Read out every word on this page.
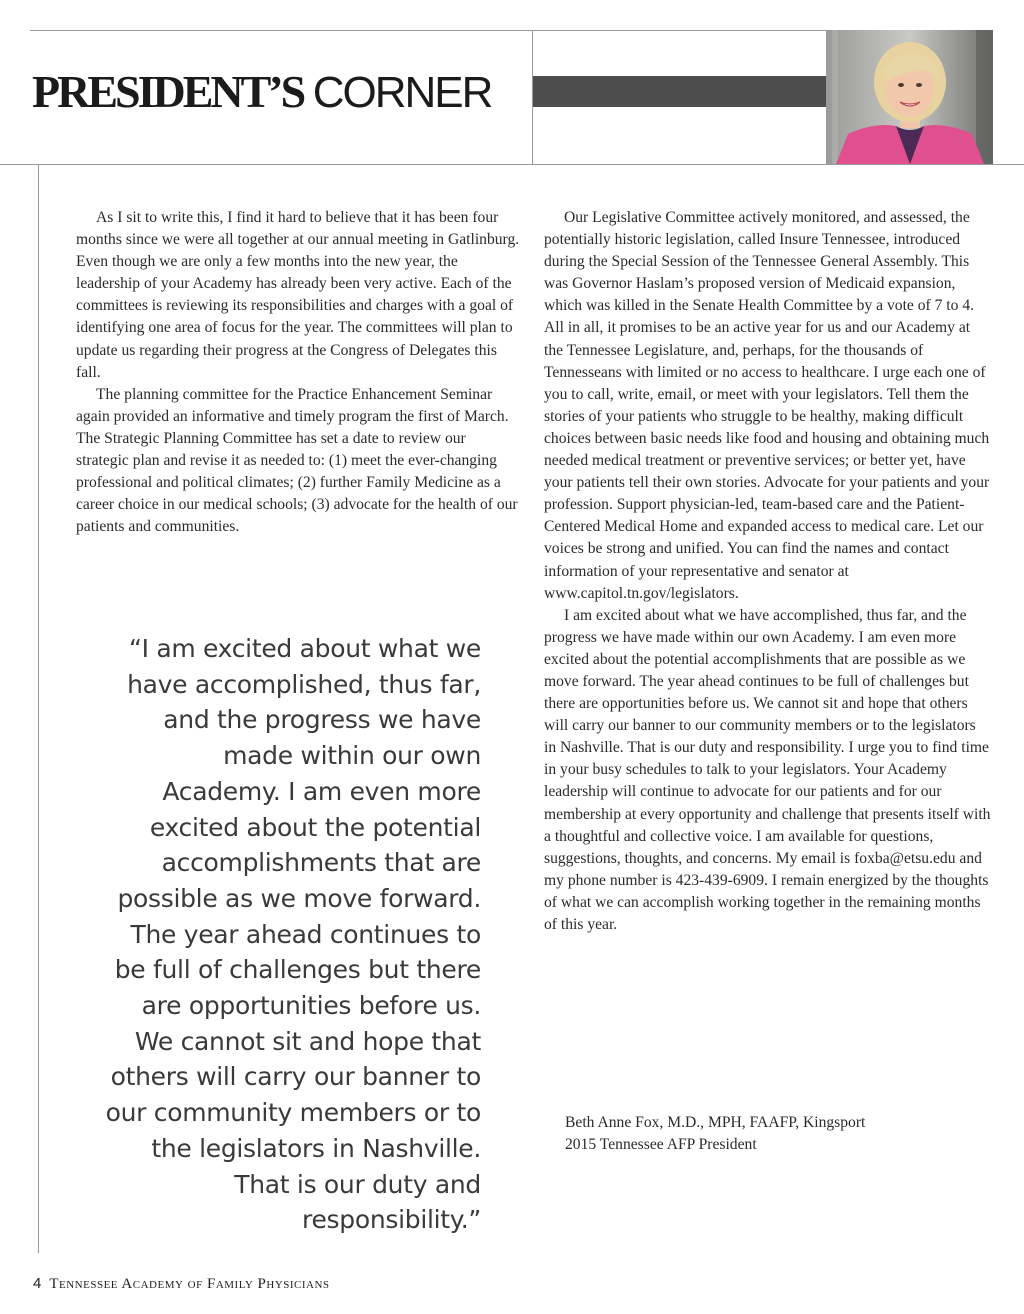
PRESIDENT’S CORNER

As I sit to write this, I find it hard to believe that it has been four months since we were all together at our annual meeting in Gatlinburg. Even though we are only a few months into the new year, the leadership of your Academy has already been very active. Each of the committees is reviewing its responsibilities and charges with a goal of identifying one area of focus for the year. The committees will plan to update us regarding their progress at the Congress of Delegates this fall.

The planning committee for the Practice Enhancement Seminar again provided an informative and timely program the first of March. The Strategic Planning Committee has set a date to review our strategic plan and revise it as needed to: (1) meet the ever-changing professional and political climates; (2) further Family Medicine as a career choice in our medical schools; (3) advocate for the health of our patients and communities.

“I am excited about what we have accomplished, thus far, and the progress we have made within our own Academy. I am even more excited about the potential accomplishments that are possible as we move forward. The year ahead continues to be full of challenges but there are opportunities before us. We cannot sit and hope that others will carry our banner to our community members or to the legislators in Nashville. That is our duty and responsibility.”

Our Legislative Committee actively monitored, and assessed, the potentially historic legislation, called Insure Tennessee, introduced during the Special Session of the Tennessee General Assembly. This was Governor Haslam’s proposed version of Medicaid expansion, which was killed in the Senate Health Committee by a vote of 7 to 4. All in all, it promises to be an active year for us and our Academy at the Tennessee Legislature, and, perhaps, for the thousands of Tennesseans with limited or no access to healthcare. I urge each one of you to call, write, email, or meet with your legislators. Tell them the stories of your patients who struggle to be healthy, making difficult choices between basic needs like food and housing and obtaining much needed medical treatment or preventive services; or better yet, have your patients tell their own stories. Advocate for your patients and your profession. Support physician-led, team-based care and the Patient-Centered Medical Home and expanded access to medical care. Let our voices be strong and unified. You can find the names and contact information of your representative and senator at www.capitol.tn.gov/legislators.

I am excited about what we have accomplished, thus far, and the progress we have made within our own Academy. I am even more excited about the potential accomplishments that are possible as we move forward. The year ahead continues to be full of challenges but there are opportunities before us. We cannot sit and hope that others will carry our banner to our community members or to the legislators in Nashville. That is our duty and responsibility. I urge you to find time in your busy schedules to talk to your legislators. Your Academy leadership will continue to advocate for our patients and for our membership at every opportunity and challenge that presents itself with a thoughtful and collective voice. I am available for questions, suggestions, thoughts, and concerns. My email is foxba@etsu.edu and my phone number is 423-439-6909. I remain energized by the thoughts of what we can accomplish working together in the remaining months of this year.

Beth Anne Fox, M.D., MPH, FAAFP, Kingsport
2015 Tennessee AFP President
4 Tennessee Academy of Family Physicians
